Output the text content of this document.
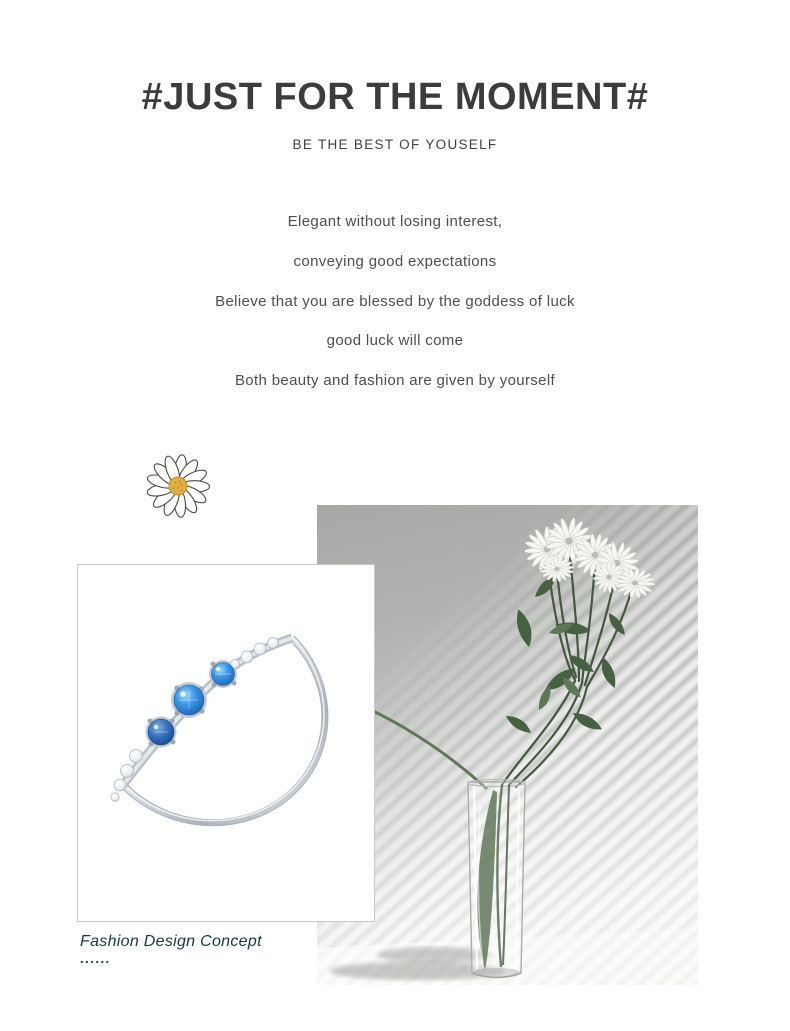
#JUST FOR THE MOMENT#
BE THE BEST OF YOUSELF
Elegant without losing interest,
conveying good expectations
Believe that you are blessed by the goddess of luck
good luck will come
Both beauty and fashion are given by yourself
Fashion Design Concept
......
